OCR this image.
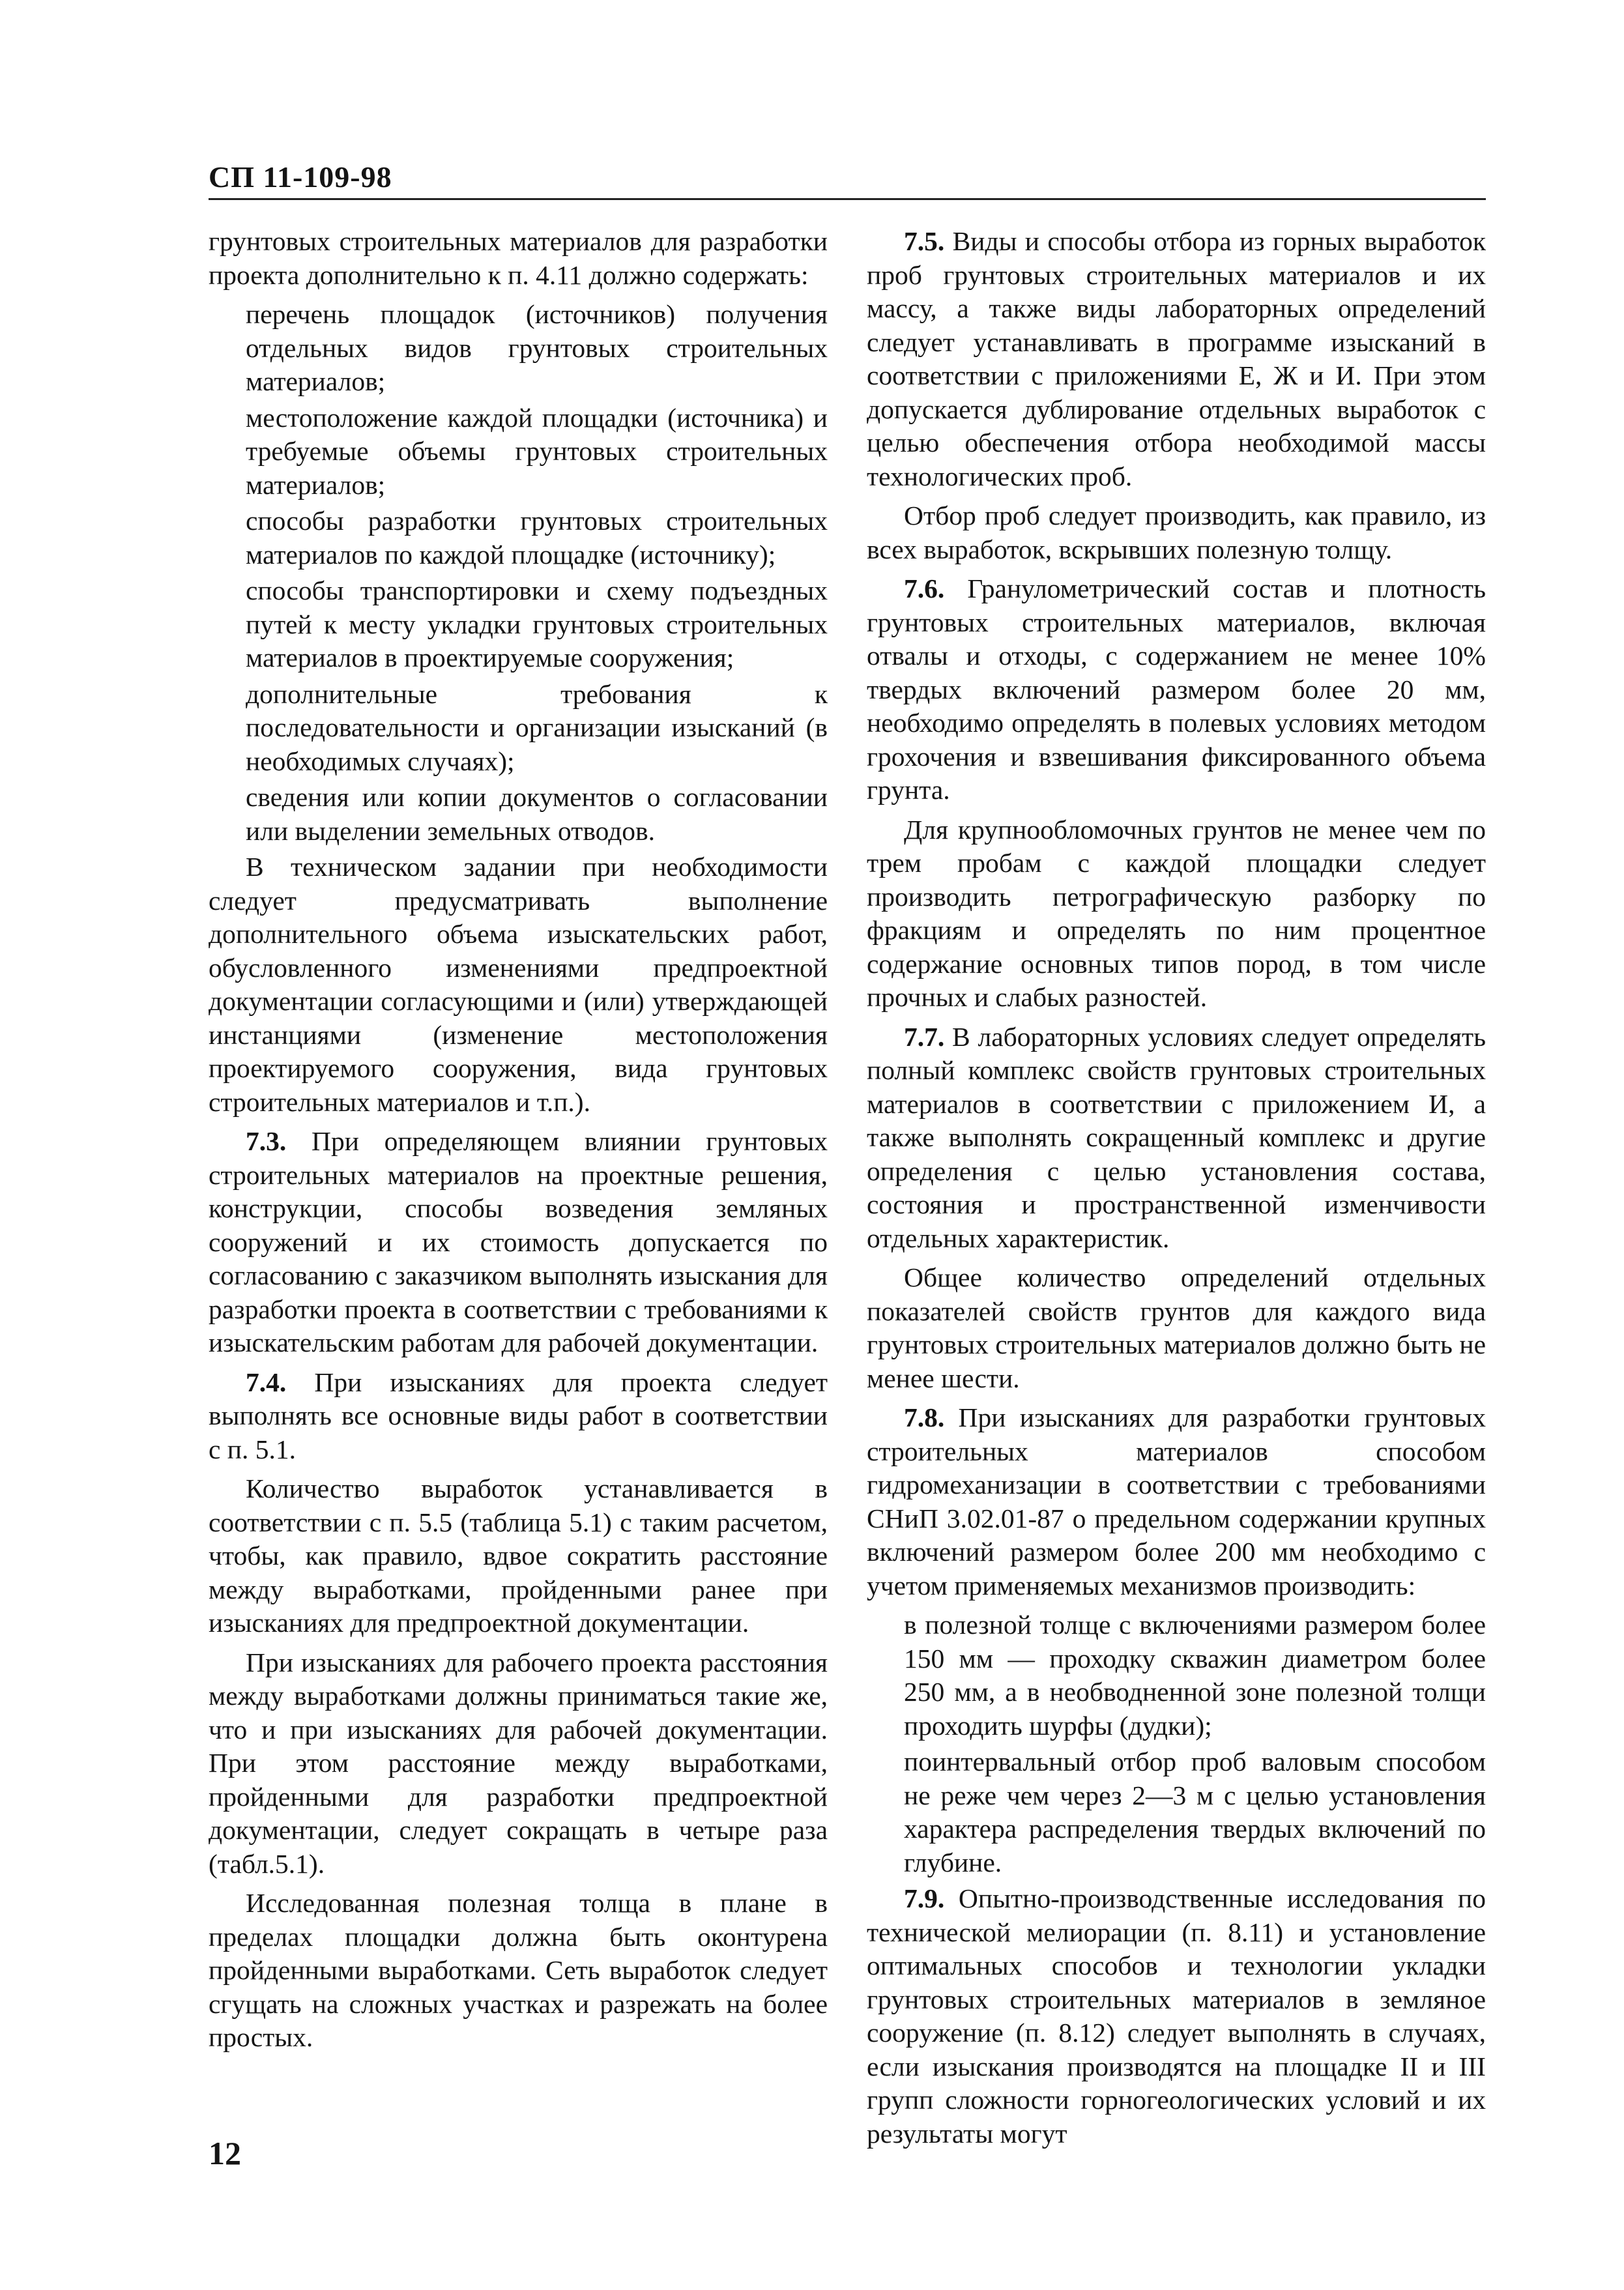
СП 11-109-98

грунтовых строительных материалов для разработки проекта дополнительно к п. 4.11 должно содержать:

перечень площадок (источников) получения отдельных видов грунтовых строительных материалов;

местоположение каждой площадки (источника) и требуемые объемы грунтовых строительных материалов;

способы разработки грунтовых строительных материалов по каждой площадке (источнику);

способы транспортировки и схему подъездных путей к месту укладки грунтовых строительных материалов в проектируемые сооружения;

дополнительные требования к последовательности и организации изысканий (в необходимых случаях);

сведения или копии документов о согласовании или выделении земельных отводов.

В техническом задании при необходимости следует предусматривать выполнение дополнительного объема изыскательских работ, обусловленного изменениями предпроектной документации согласующими и (или) утверждающей инстанциями (изменение местоположения проектируемого сооружения, вида грунтовых строительных материалов и т.п.).

7.3. При определяющем влиянии грунтовых строительных материалов на проектные решения, конструкции, способы возведения земляных сооружений и их стоимость допускается по согласованию с заказчиком выполнять изыскания для разработки проекта в соответствии с требованиями к изыскательским работам для рабочей документации.

7.4. При изысканиях для проекта следует выполнять все основные виды работ в соответствии с п. 5.1.

Количество выработок устанавливается в соответствии с п. 5.5 (таблица 5.1) с таким расчетом, чтобы, как правило, вдвое сократить расстояние между выработками, пройденными ранее при изысканиях для предпроектной документации.

При изысканиях для рабочего проекта расстояния между выработками должны приниматься такие же, что и при изысканиях для рабочей документации. При этом расстояние между выработками, пройденными для разработки предпроектной документации, следует сокращать в четыре раза (табл.5.1).

Исследованная полезная толща в плане в пределах площадки должна быть оконтурена пройденными выработками. Сеть выработок следует сгущать на сложных участках и разрежать на более простых.

7.5. Виды и способы отбора из горных выработок проб грунтовых строительных материалов и их массу, а также виды лабораторных определений следует устанавливать в программе изысканий в соответствии с приложениями Е, Ж и И. При этом допускается дублирование отдельных выработок с целью обеспечения отбора необходимой массы технологических проб.

Отбор проб следует производить, как правило, из всех выработок, вскрывших полезную толщу.

7.6. Гранулометрический состав и плотность грунтовых строительных материалов, включая отвалы и отходы, с содержанием не менее 10% твердых включений размером более 20 мм, необходимо определять в полевых условиях методом грохочения и взвешивания фиксированного объема грунта.

Для крупнообломочных грунтов не менее чем по трем пробам с каждой площадки следует производить петрографическую разборку по фракциям и определять по ним процентное содержание основных типов пород, в том числе прочных и слабых разностей.

7.7. В лабораторных условиях следует определять полный комплекс свойств грунтовых строительных материалов в соответствии с приложением И, а также выполнять сокращенный комплекс и другие определения с целью установления состава, состояния и пространственной изменчивости отдельных характеристик.

Общее количество определений отдельных показателей свойств грунтов для каждого вида грунтовых строительных материалов должно быть не менее шести.

7.8. При изысканиях для разработки грунтовых строительных материалов способом гидромеханизации в соответствии с требованиями СНиП 3.02.01-87 о предельном содержании крупных включений размером более 200 мм необходимо с учетом применяемых механизмов производить:

в полезной толще с включениями размером более 150 мм — проходку скважин диаметром более 250 мм, а в необводненной зоне полезной толщи проходить шурфы (дудки);

поинтервальный отбор проб валовым способом не реже чем через 2—3 м с целью установления характера распределения твердых включений по глубине.

7.9. Опытно-производственные исследования по технической мелиорации (п. 8.11) и установление оптимальных способов и технологии укладки грунтовых строительных материалов в земляное сооружение (п. 8.12) следует выполнять в случаях, если изыскания производятся на площадке II и III групп сложности горногеологических условий и их результаты могут

12
